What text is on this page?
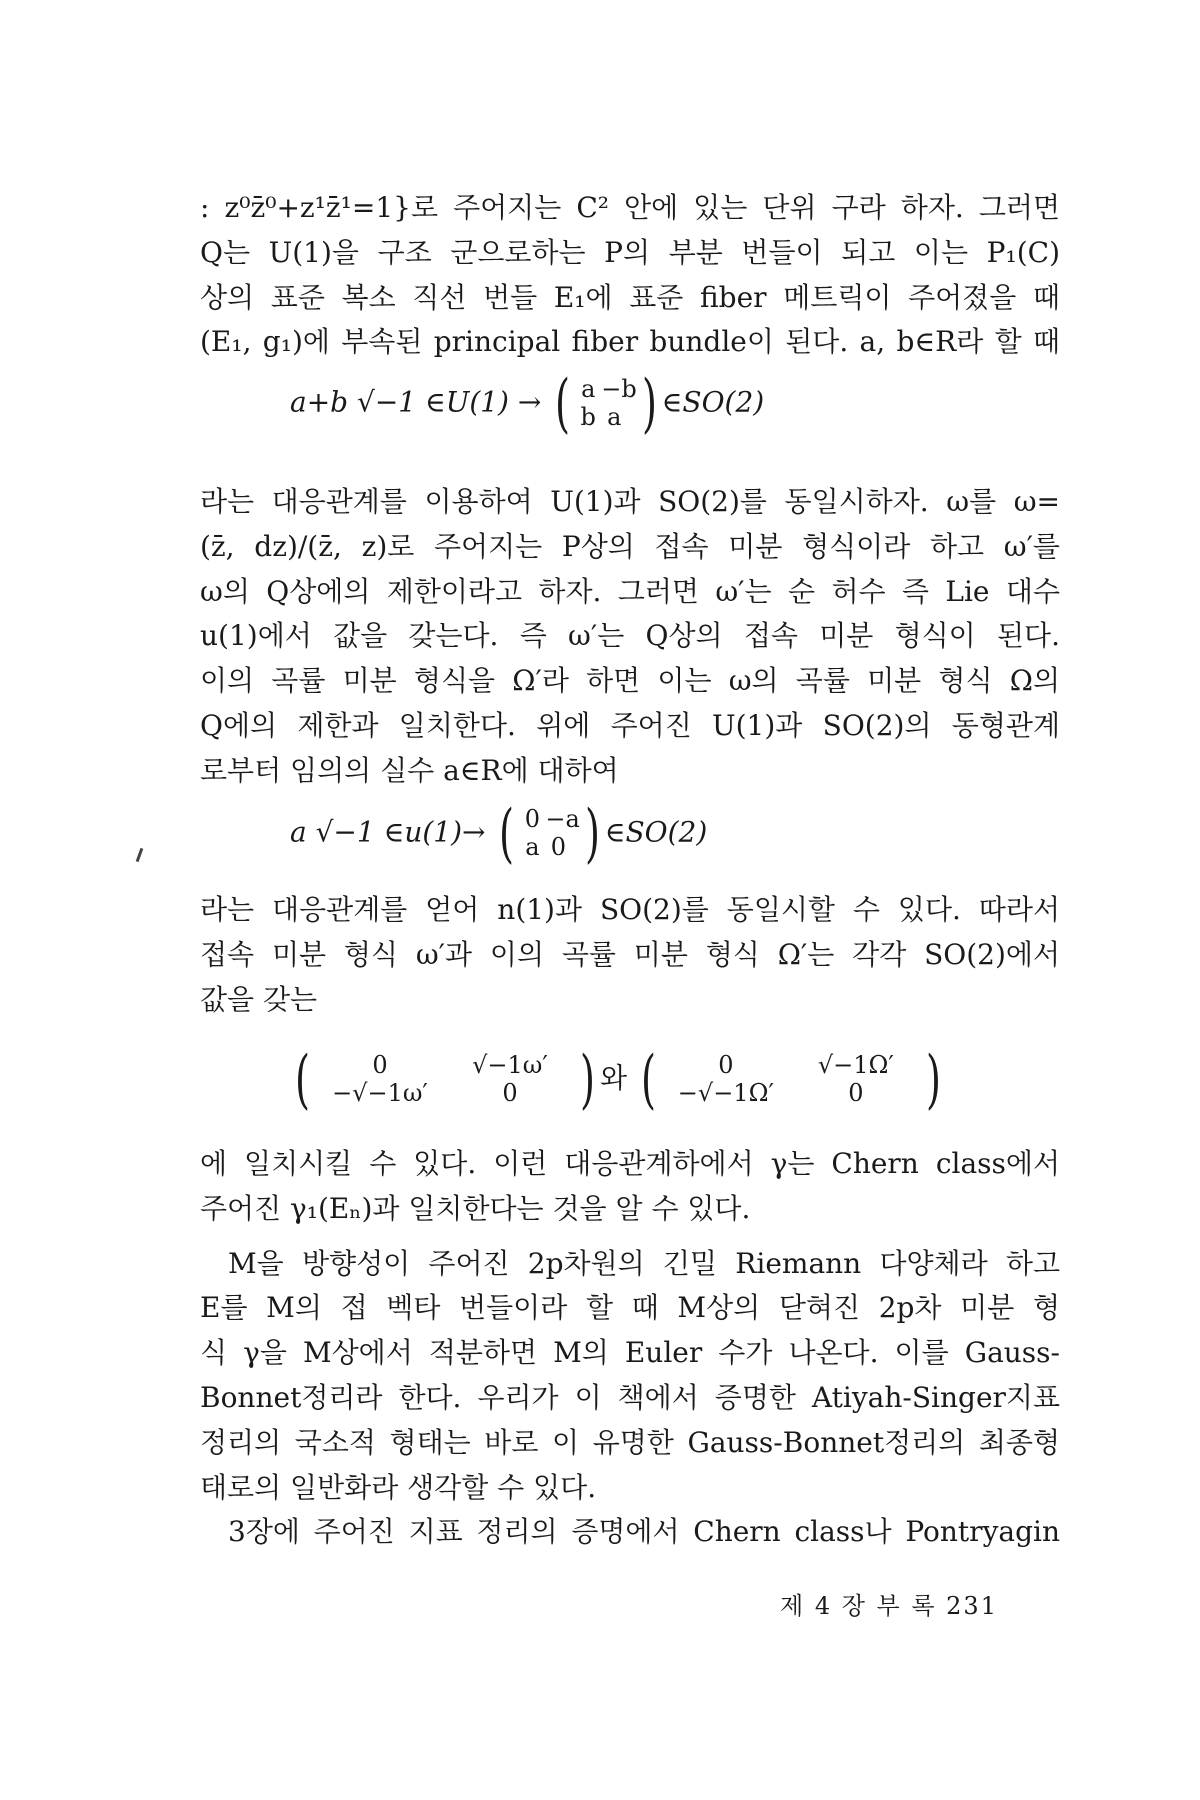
: z⁰z̄⁰+z¹z̄¹=1}로 주어지는 C² 안에 있는 단위 구라 하자. 그러면
Q는 U(1)을 구조 군으로하는 P의 부분 번들이 되고 이는 P₁(C)
상의 표준 복소 직선 번들 E₁에 표준 fiber 메트릭이 주어졌을 때
(E₁, g₁)에 부속된 principal fiber bundle이 된다. a, b∈R라 할 때
a+b √−1 ∈U(1) → ( a −b
b a ) ∈SO(2)
라는 대응관계를 이용하여 U(1)과 SO(2)를 동일시하자. ω를 ω=
(z̄, dz)/(z̄, z)로 주어지는 P상의 접속 미분 형식이라 하고 ω′를
ω의 Q상에의 제한이라고 하자. 그러면 ω′는 순 허수 즉 Lie 대수
u(1)에서 값을 갖는다. 즉 ω′는 Q상의 접속 미분 형식이 된다.
이의 곡률 미분 형식을 Ω′라 하면 이는 ω의 곡률 미분 형식 Ω의
Q에의 제한과 일치한다. 위에 주어진 U(1)과 SO(2)의 동형관계
로부터 임의의 실수 a∈R에 대하여
a √−1 ∈u(1)→ ( 0 −a
a 0 ) ∈SO(2)
라는 대응관계를 얻어 n(1)과 SO(2)를 동일시할 수 있다. 따라서
접속 미분 형식 ω′과 이의 곡률 미분 형식 Ω′는 각각 SO(2)에서
값을 갖는
(	0	√−1ω′
−√−1ω′	0 ) 와 (	0	√−1Ω′
−√−1Ω′	0 )
에 일치시킬 수 있다. 이런 대응관계하에서 γ는 Chern class에서
주어진 γ₁(Eₙ)과 일치한다는 것을 알 수 있다.
M을 방향성이 주어진 2p차원의 긴밀 Riemann 다양체라 하고
E를 M의 접 벡타 번들이라 할 때 M상의 닫혀진 2p차 미분 형
식 γ을 M상에서 적분하면 M의 Euler 수가 나온다. 이를 Gauss-
Bonnet정리라 한다. 우리가 이 책에서 증명한 Atiyah-Singer지표
정리의 국소적 형태는 바로 이 유명한 Gauss-Bonnet정리의 최종형
태로의 일반화라 생각할 수 있다.
3장에 주어진 지표 정리의 증명에서 Chern class나 Pontryagin
제 4 장 부 록 231
